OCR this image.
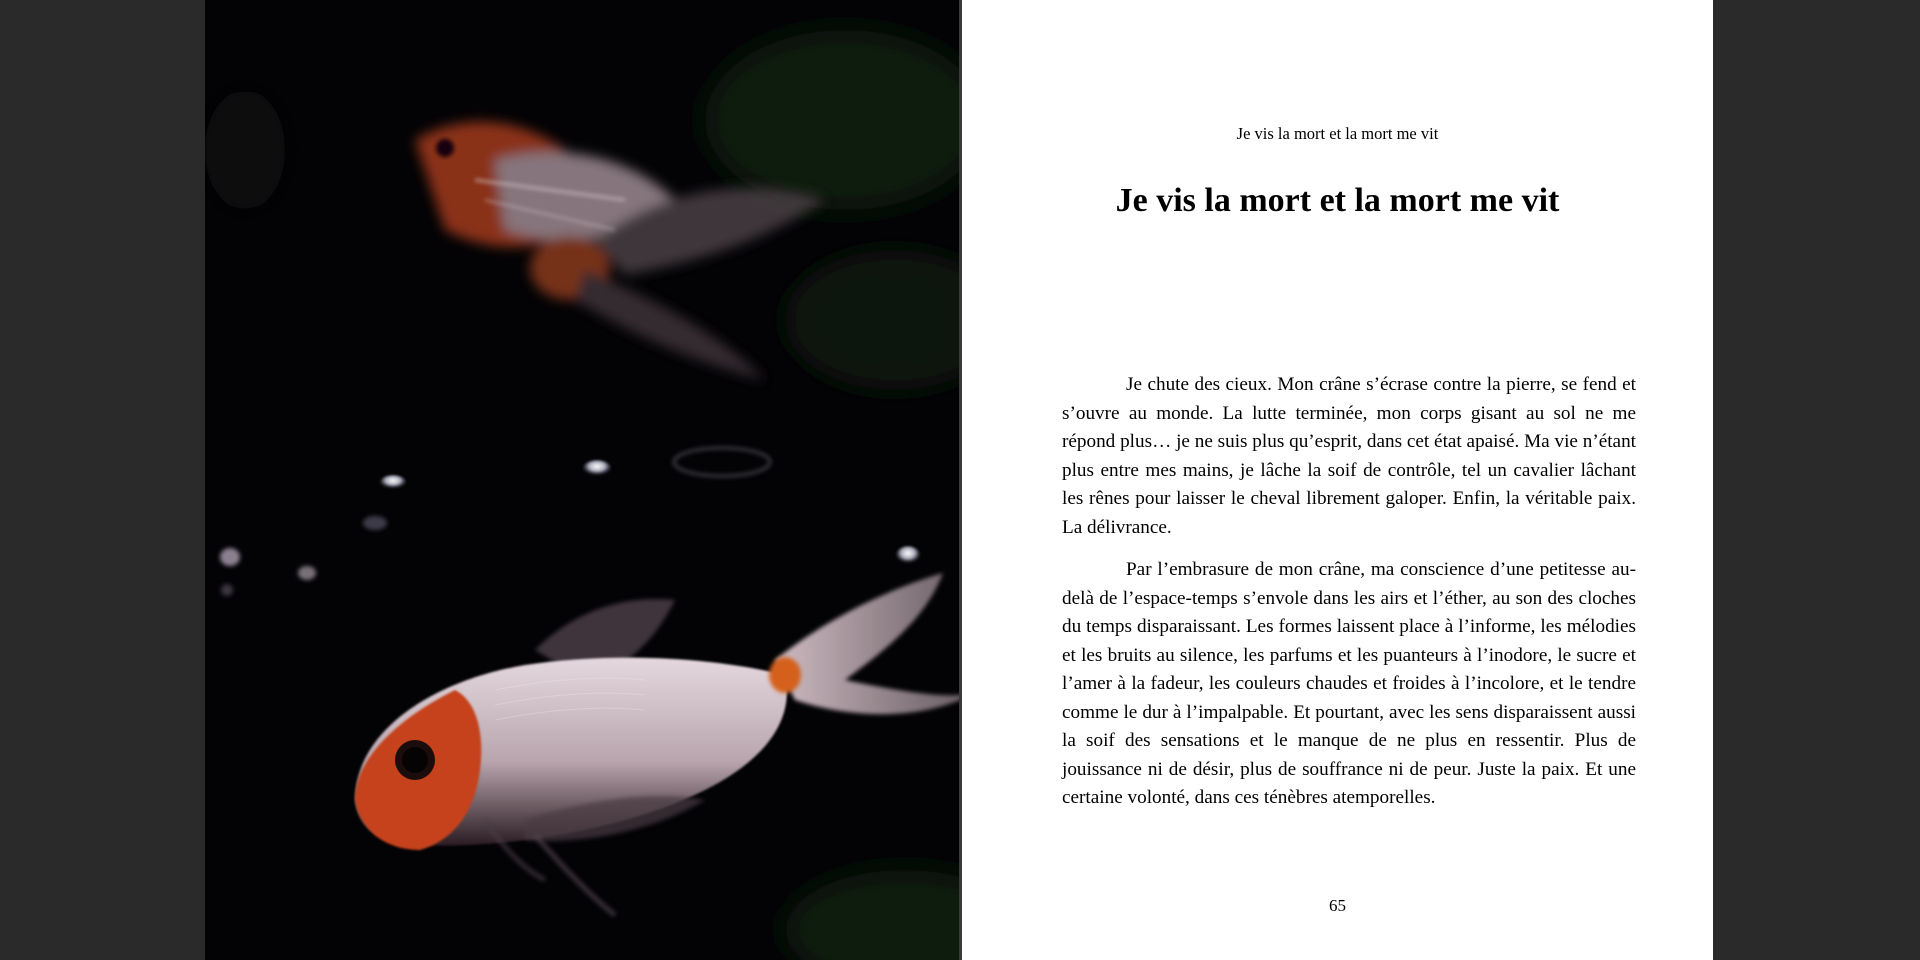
Je vis la mort et la mort me vit
Je vis la mort et la mort me vit

Je chute des cieux. Mon crâne s’écrase contre la pierre, se fend et s’ouvre au monde. La lutte terminée, mon corps gisant au sol ne me répond plus… je ne suis plus qu’esprit, dans cet état apaisé. Ma vie n’étant plus entre mes mains, je lâche la soif de contrôle, tel un cavalier lâchant les rênes pour laisser le cheval librement galoper. Enfin, la véritable paix. La délivrance.

Par l’embrasure de mon crâne, ma conscience d’une petitesse au-delà de l’espace-temps s’envole dans les airs et l’éther, au son des cloches du temps disparaissant. Les formes laissent place à l’informe, les mélodies et les bruits au silence, les parfums et les puanteurs à l’inodore, le sucre et l’amer à la fadeur, les couleurs chaudes et froides à l’incolore, et le tendre comme le dur à l’impalpable. Et pourtant, avec les sens disparaissent aussi la soif des sensations et le manque de ne plus en ressentir. Plus de jouissance ni de désir, plus de souffrance ni de peur. Juste la paix. Et une certaine volonté, dans ces ténèbres atemporelles.

65
